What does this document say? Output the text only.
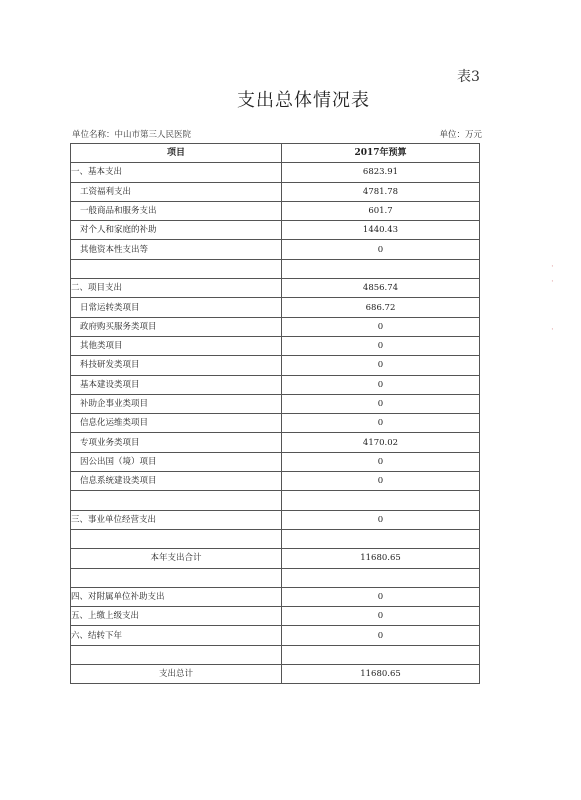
表3
支出总体情况表
单位名称：中山市第三人民医院	单位：万元
项目	2017年预算
一、基本支出	6823.91
工资福利支出	4781.78
一般商品和服务支出	601.7
对个人和家庭的补助	1440.43
其他资本性支出等	0

二、项目支出	4856.74
日常运转类项目	686.72
政府购买服务类项目	0
其他类项目	0
科技研发类项目	0
基本建设类项目	0
补助企事业类项目	0
信息化运维类项目	0
专项业务类项目	4170.02
因公出国（境）项目	0
信息系统建设类项目	0

三、事业单位经营支出	0

本年支出合计	11680.65

四、对附属单位补助支出	0
五、上缴上级支出	0
六、结转下年	0

支出总计	11680.65
·
·
·
